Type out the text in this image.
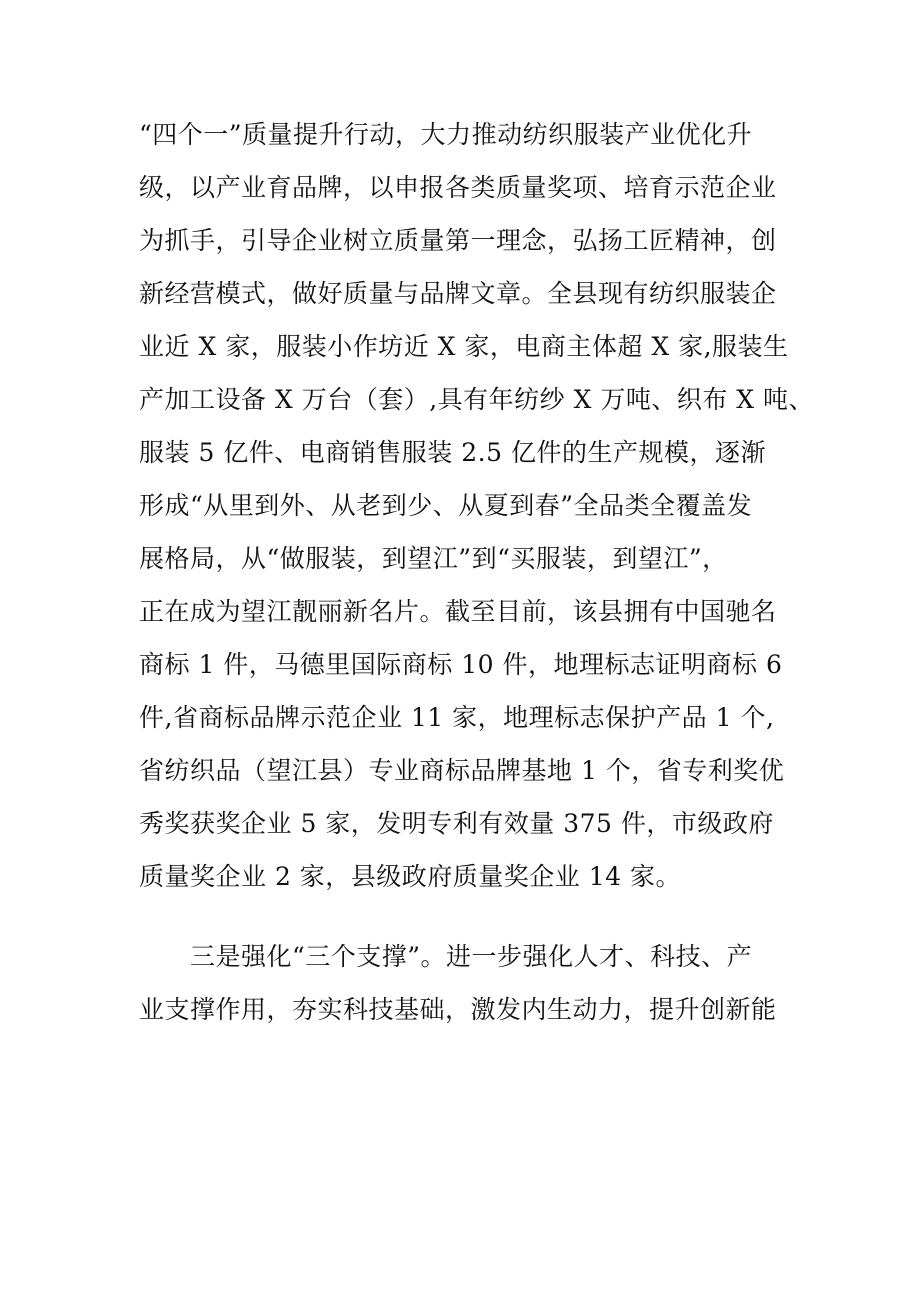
“四个一”质量提升行动，大力推动纺织服装产业优化升
级，以产业育品牌，以申报各类质量奖项、培育示范企业
为抓手，引导企业树立质量第一理念，弘扬工匠精神，创
新经营模式，做好质量与品牌文章。全县现有纺织服装企
业近 X 家，服装小作坊近 X 家，电商主体超 X 家,服装生
产加工设备 X 万台（套）,具有年纺纱 X 万吨、织布 X 吨、
服装 5 亿件、电商销售服装 2.5 亿件的生产规模，逐渐
形成“从里到外、从老到少、从夏到春”全品类全覆盖发
展格局，从“做服装，到望江”到“买服装，到望江”，
正在成为望江靓丽新名片。截至目前，该县拥有中国驰名
商标 1 件，马德里国际商标 10 件，地理标志证明商标 6
件,省商标品牌示范企业 11 家，地理标志保护产品 1 个,
省纺织品（望江县）专业商标品牌基地 1 个，省专利奖优
秀奖获奖企业 5 家，发明专利有效量 375 件，市级政府
质量奖企业 2 家，县级政府质量奖企业 14 家。
三是强化“三个支撑”。进一步强化人才、科技、产
业支撑作用，夯实科技基础，激发内生动力，提升创新能
